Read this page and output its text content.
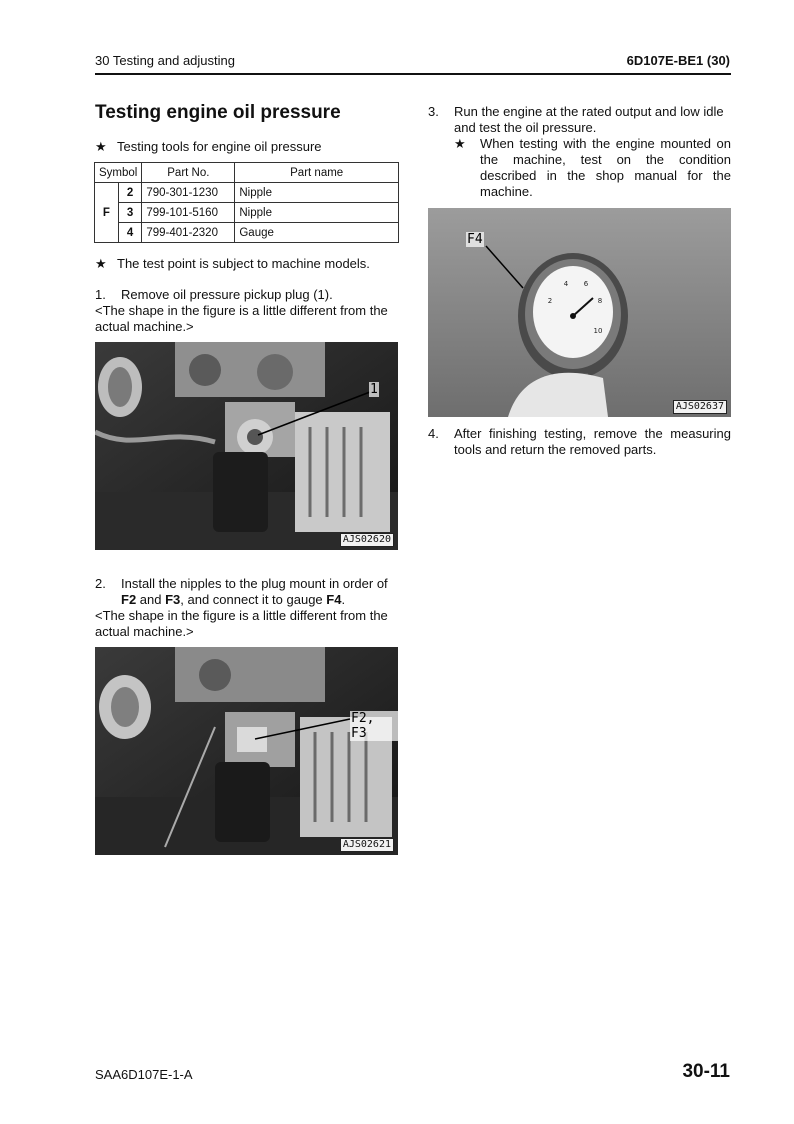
30 Testing and adjusting	6D107E-BE1 (30)
Testing engine oil pressure
★ Testing tools for engine oil pressure
Symbol		Part No.	Part name
F	2	790-301-1230	Nipple
	3	799-101-5160	Nipple
	4	799-401-2320	Gauge
★ The test point is subject to machine models.
1. Remove oil pressure pickup plug (1).
<The shape in the figure is a little different from the actual machine.>
1
AJS02620
2. Install the nipples to the plug mount in order of
F2 and F3, and connect it to gauge F4.
<The shape in the figure is a little different from the actual machine.>
F2, F3
AJS02621
3.	Run the engine at the rated output and low idle and test the oil pressure.
★	When testing with the engine mounted on the machine, test on the condition described in the shop manual for the machine.
2
4 6
8
10
F4
AJS02637
4.	After finishing testing, remove the measuring tools and return the removed parts.
SAA6D107E-1-A	30-11
